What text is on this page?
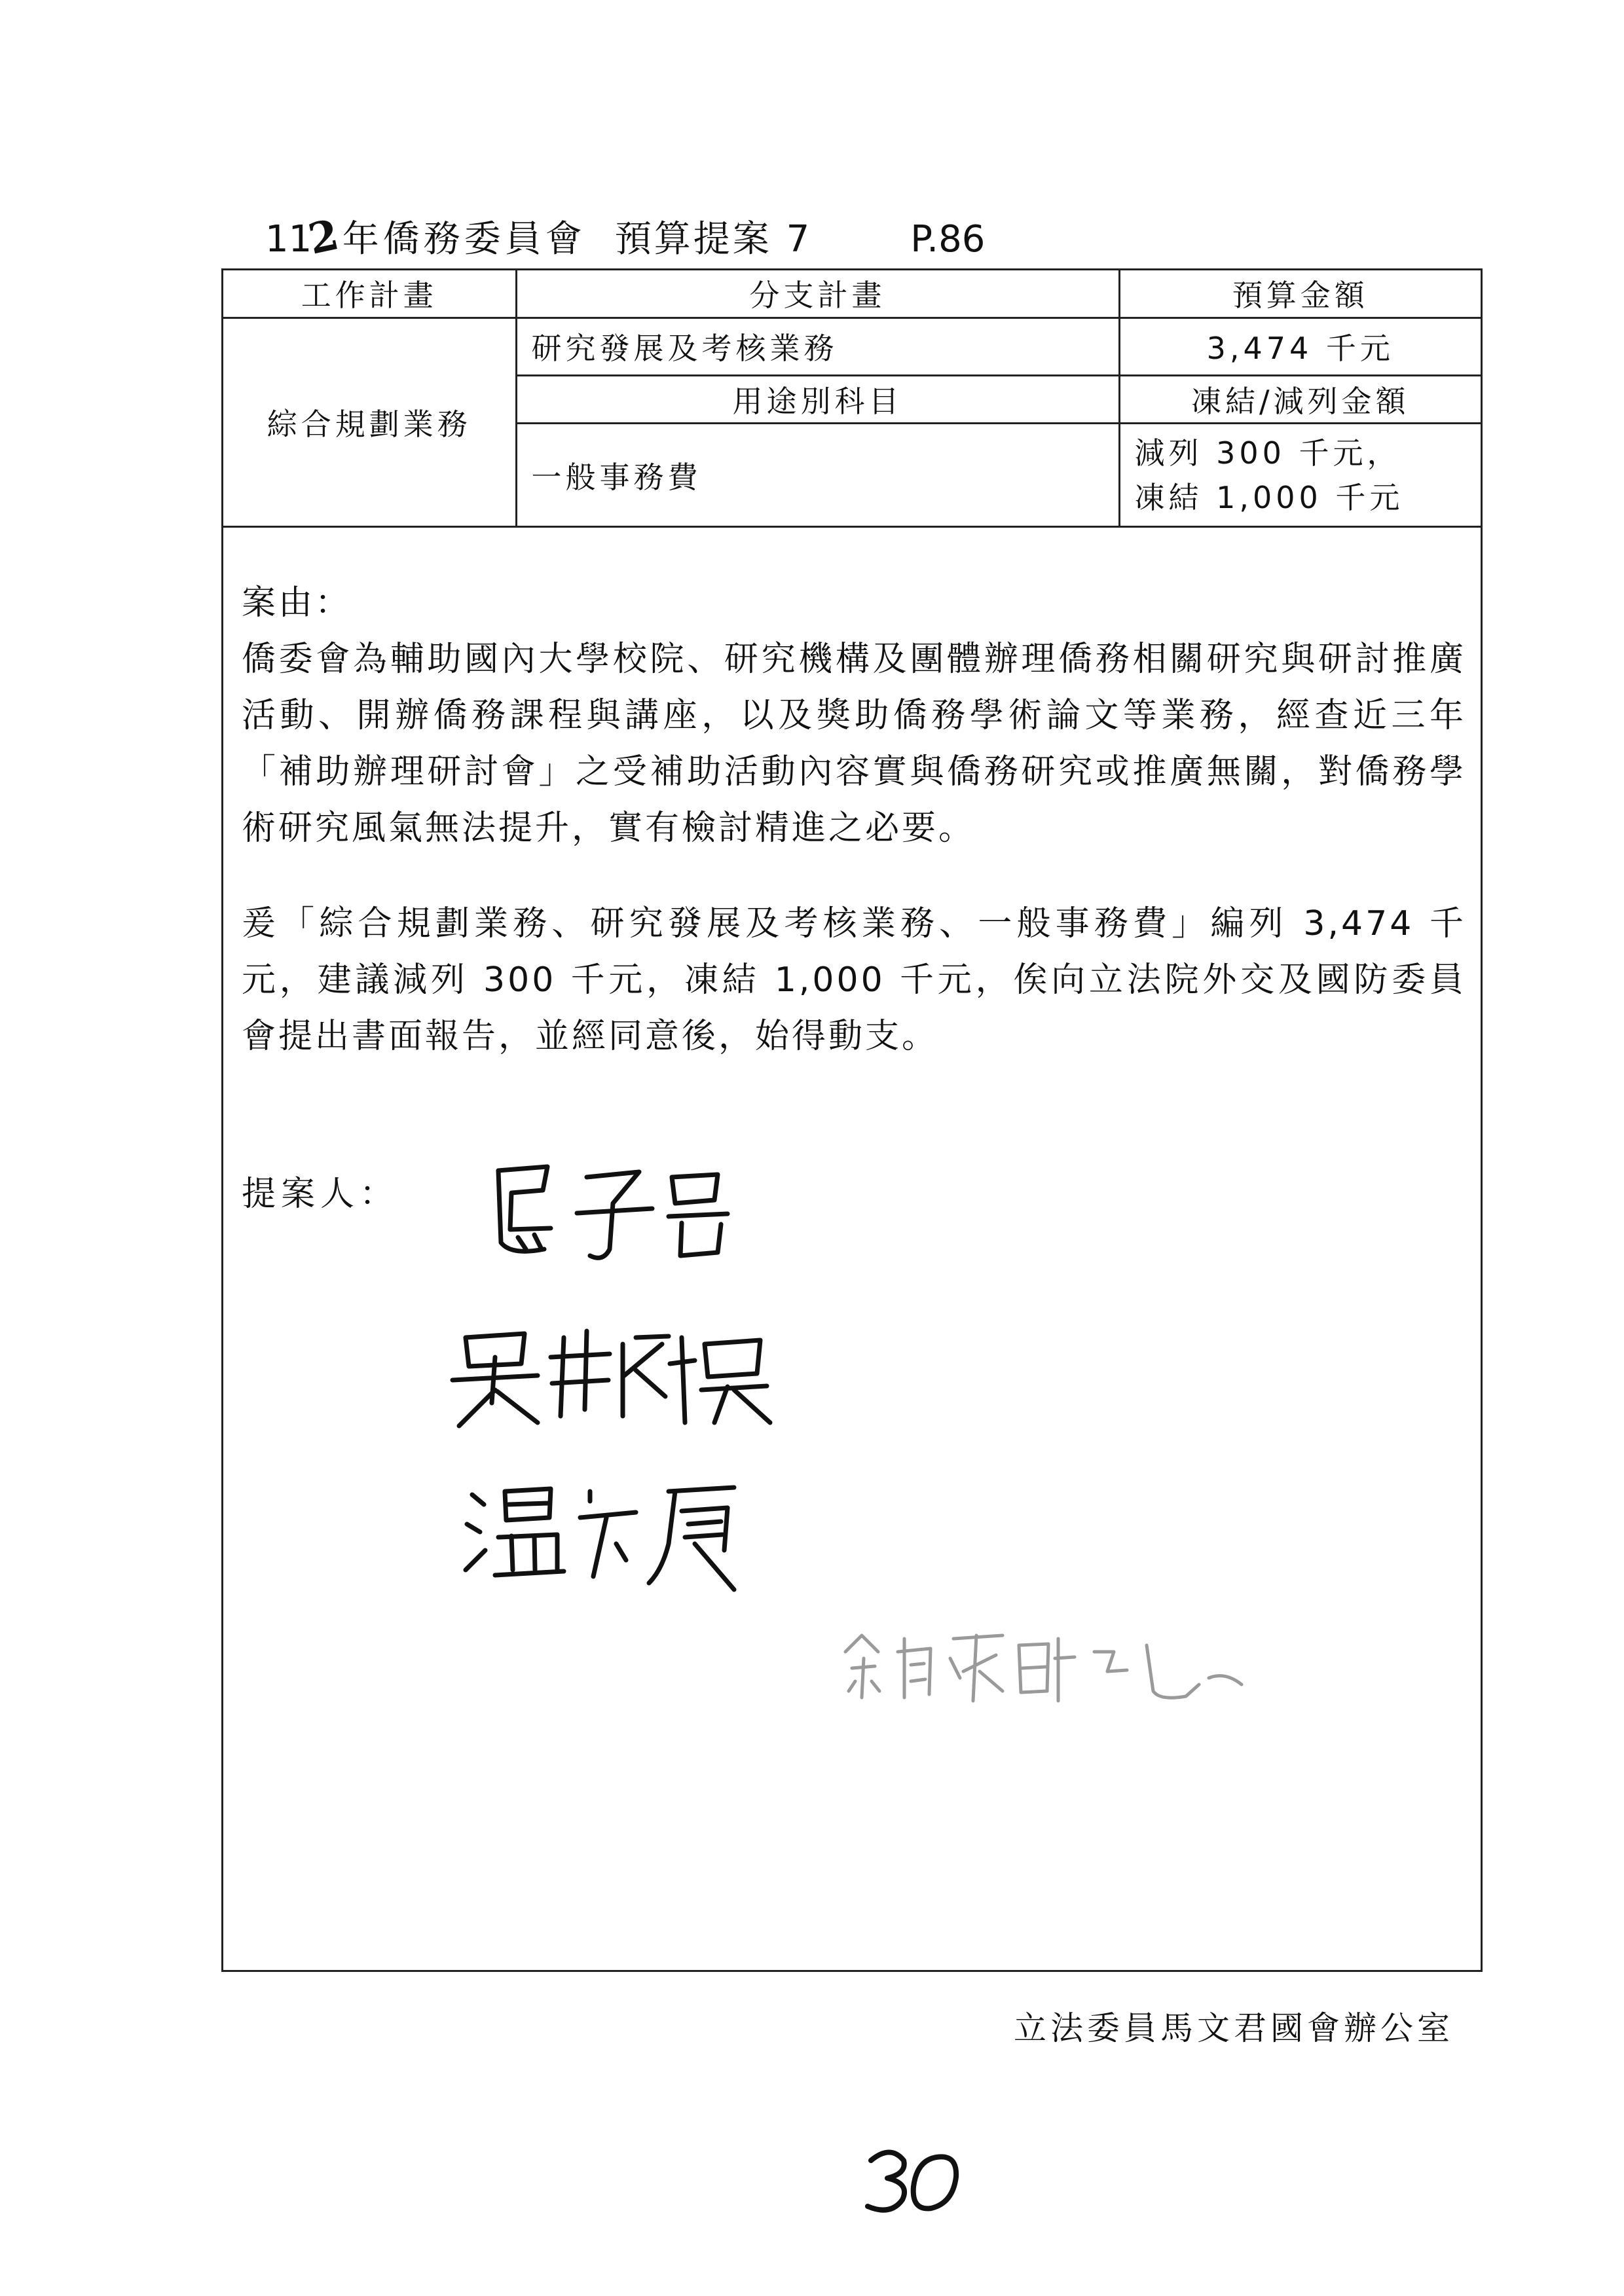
112年僑務委員會 預算提案 7	P.86
工作計畫	分支計畫	預算金額
綜合規劃業務	研究發展及考核業務	3,474 千元
	用途別科目	凍結/減列金額
	一般事務費	減列 300 千元，
凍結 1,000 千元

案由：

僑委會為輔助國內大學校院、研究機構及團體辦理僑務相關研究與研討推廣活動、開辦僑務課程與講座，以及獎助僑務學術論文等業務，經查近三年「補助辦理研討會」之受補助活動內容實與僑務研究或推廣無關，對僑務學術研究風氣無法提升，實有檢討精進之必要。

爰「綜合規劃業務、研究發展及考核業務、一般事務費」編列 3,474 千元，建議減列 300 千元，凍結 1,000 千元，俟向立法院外交及國防委員會提出書面報告，並經同意後，始得動支。

提案人：
立法委員馬文君國會辦公室
